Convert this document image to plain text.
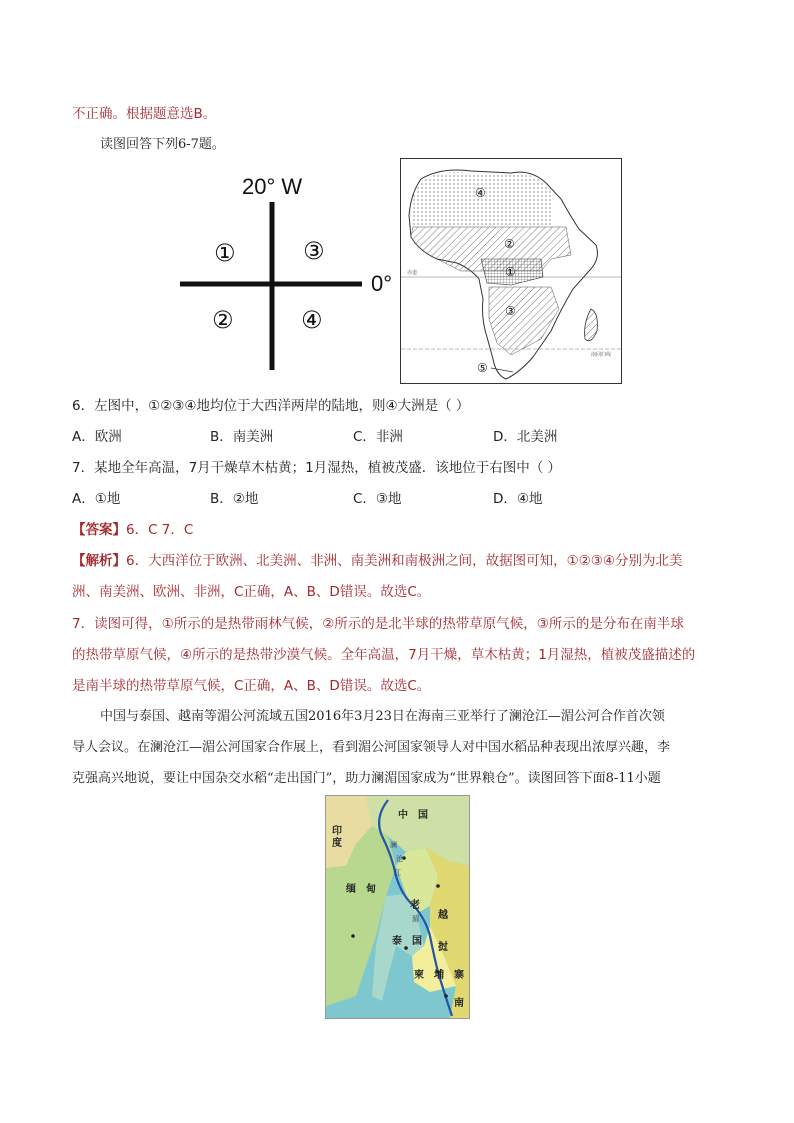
不正确。根据题意选B。
读图回答下列6-7题。
20° W
0°
①	③
②	④
④
②
①
③
⑤
赤道
南回归线
6．左图中，①②③④地均位于大西洋两岸的陆地，则④大洲是（ ）
A．欧洲	B．南美洲	C．非洲	D．北美洲
7．某地全年高温，7月干燥草木枯黄；1月湿热，植被茂盛．该地位于右图中（ ）
A．①地	B．②地	C．③地	D．④地
【答案】6．C 7．C
【解析】6．大西洋位于欧洲、北美洲、非洲、南美洲和南极洲之间，故据图可知，①②③④分别为北美
洲、南美洲、欧洲、非洲，C正确，A、B、D错误。故选C。
7．读图可得，①所示的是热带雨林气候，②所示的是北半球的热带草原气候，③所示的是分布在南半球
的热带草原气候，④所示的是热带沙漠气候。全年高温，7月干燥，草木枯黄；1月湿热，植被茂盛描述的
是南半球的热带草原气候，C正确，A、B、D错误。故选C。
中国与泰国、越南等湄公河流域五国2016年3月23日在海南三亚举行了澜沧江—湄公河合作首次领
导人会议。在澜沧江—湄公河国家合作展上，看到湄公河国家领导人对中国水稻品种表现出浓厚兴趣，李
克强高兴地说，要让中国杂交水稻“走出国门”，助力澜湄国家成为“世界粮仓”。读图回答下面8-11小题
中　国
印
度
缅　甸
老
越
泰　国
挝
柬　埔　寨
南
澜
沧
江
湄
